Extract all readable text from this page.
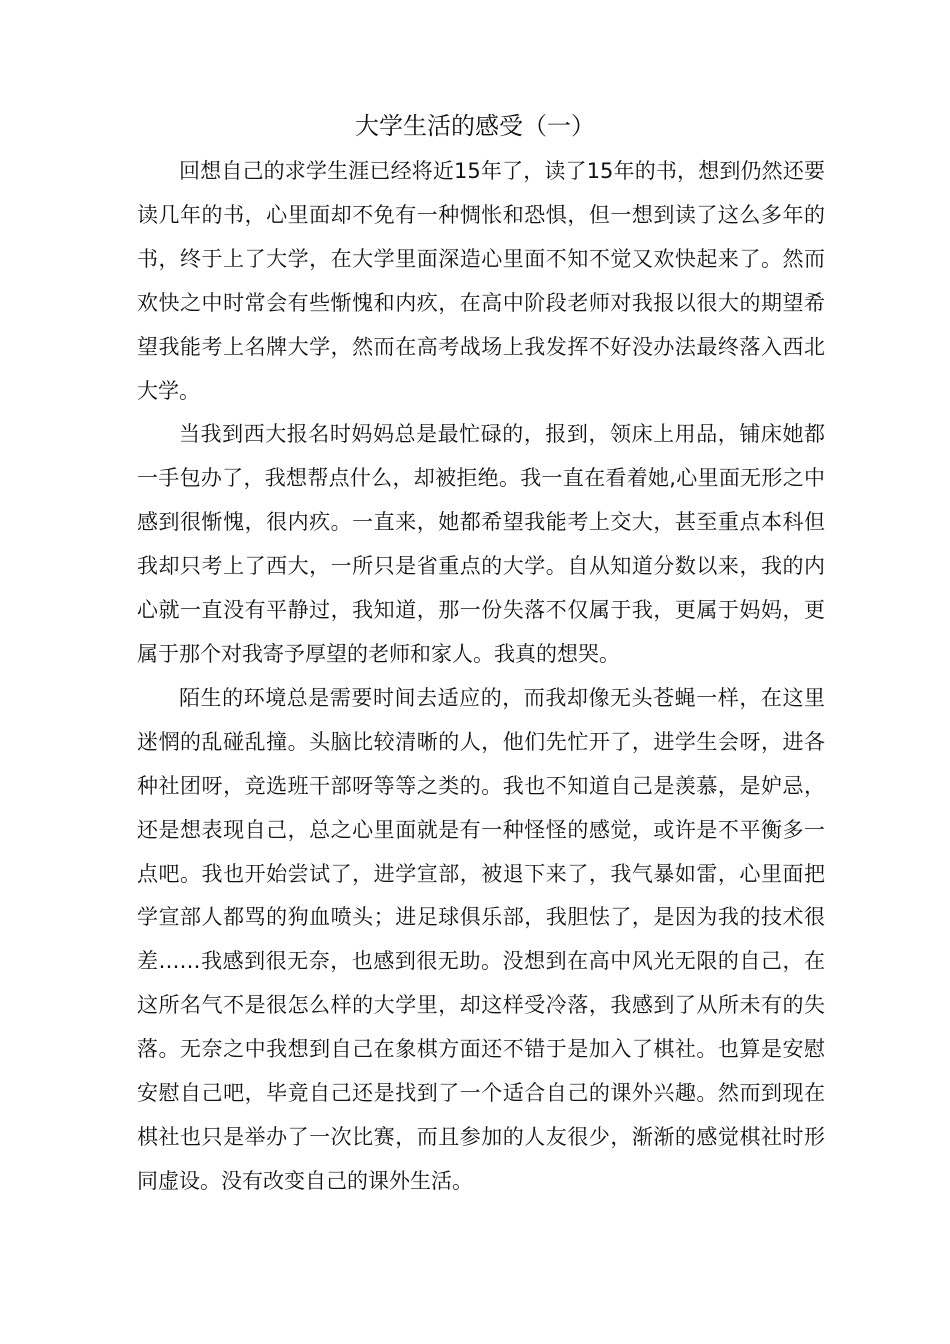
大学生活的感受（一）

回想自己的求学生涯已经将近15年了，读了15年的书，想到仍然还要读几年的书，心里面却不免有一种惆怅和恐惧，但一想到读了这么多年的书，终于上了大学，在大学里面深造心里面不知不觉又欢快起来了。然而欢快之中时常会有些惭愧和内疚，在高中阶段老师对我报以很大的期望希望我能考上名牌大学，然而在高考战场上我发挥不好没办法最终落入西北大学。

当我到西大报名时妈妈总是最忙碌的，报到，领床上用品，铺床她都一手包办了，我想帮点什么，却被拒绝。我一直在看着她,心里面无形之中感到很惭愧，很内疚。一直来，她都希望我能考上交大，甚至重点本科但我却只考上了西大，一所只是省重点的大学。自从知道分数以来，我的内心就一直没有平静过，我知道，那一份失落不仅属于我，更属于妈妈，更属于那个对我寄予厚望的老师和家人。我真的想哭。

陌生的环境总是需要时间去适应的，而我却像无头苍蝇一样，在这里迷惘的乱碰乱撞。头脑比较清晰的人，他们先忙开了，进学生会呀，进各种社团呀，竞选班干部呀等等之类的。我也不知道自己是羡慕，是妒忌，还是想表现自己，总之心里面就是有一种怪怪的感觉，或许是不平衡多一点吧。我也开始尝试了，进学宣部，被退下来了，我气暴如雷，心里面把学宣部人都骂的狗血喷头；进足球俱乐部，我胆怯了，是因为我的技术很差……我感到很无奈，也感到很无助。没想到在高中风光无限的自己，在这所名气不是很怎么样的大学里，却这样受冷落，我感到了从所未有的失落。无奈之中我想到自己在象棋方面还不错于是加入了棋社。也算是安慰安慰自己吧，毕竟自己还是找到了一个适合自己的课外兴趣。然而到现在棋社也只是举办了一次比赛，而且参加的人友很少，渐渐的感觉棋社时形同虚设。没有改变自己的课外生活。
